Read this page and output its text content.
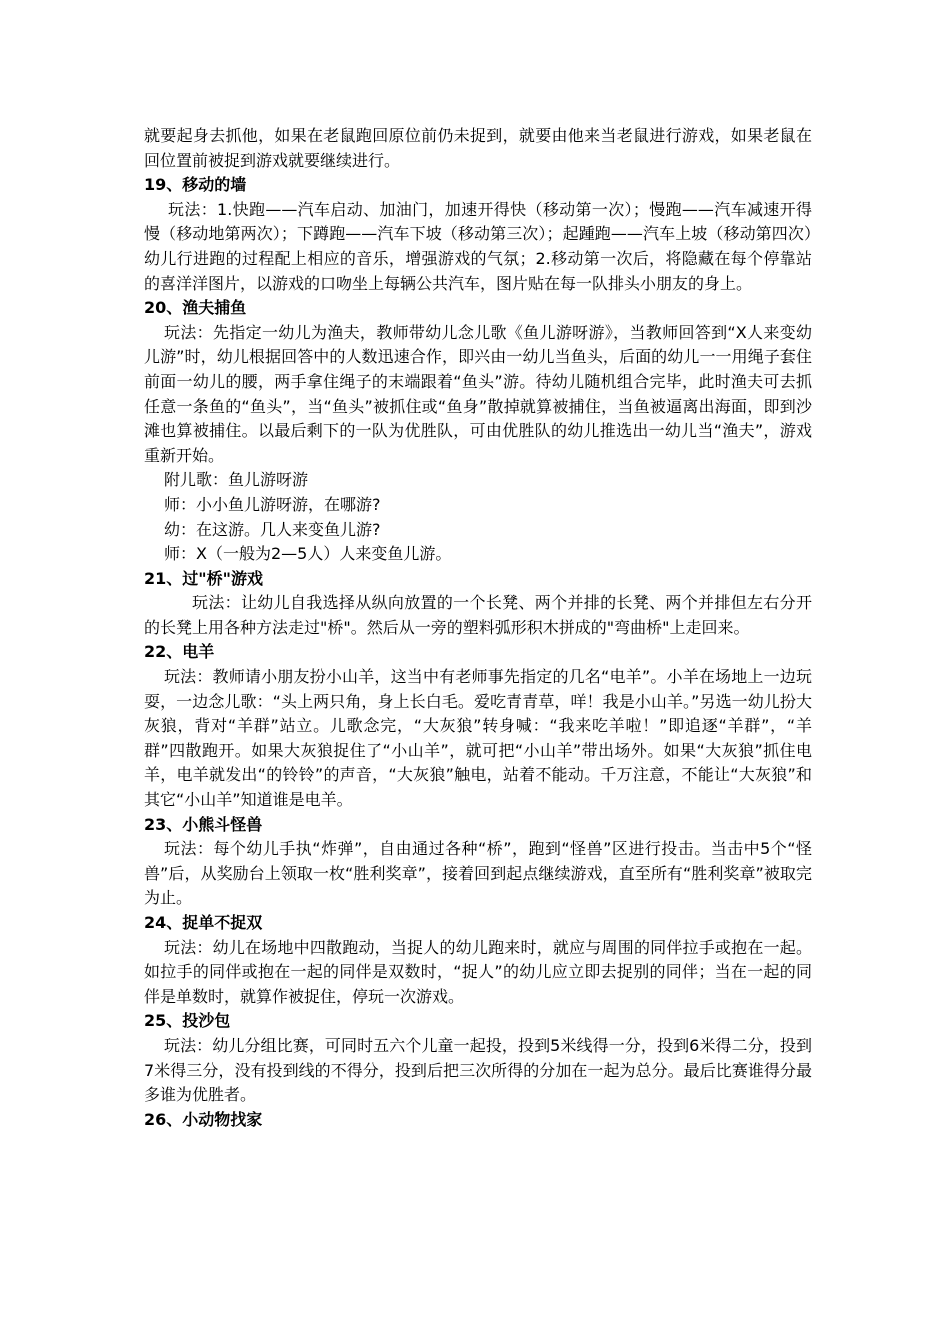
就要起身去抓他，如果在老鼠跑回原位前仍未捉到，就要由他来当老鼠进行游戏，如果老鼠在回位置前被捉到游戏就要继续进行。

19、移动的墙

玩法：1.快跑——汽车启动、加油门，加速开得快（移动第一次）；慢跑——汽车减速开得慢（移动地第两次）；下蹲跑——汽车下坡（移动第三次）；起踵跑——汽车上坡（移动第四次）幼儿行进跑的过程配上相应的音乐，增强游戏的气氛；2.移动第一次后，将隐藏在每个停靠站的喜洋洋图片，以游戏的口吻坐上每辆公共汽车，图片贴在每一队排头小朋友的身上。

20、渔夫捕鱼

玩法：先指定一幼儿为渔夫，教师带幼儿念儿歌《鱼儿游呀游》，当教师回答到“X人来变幼儿游”时，幼儿根据回答中的人数迅速合作，即兴由一幼儿当鱼头，后面的幼儿一一用绳子套住前面一幼儿的腰，两手拿住绳子的末端跟着“鱼头”游。待幼儿随机组合完毕，此时渔夫可去抓任意一条鱼的“鱼头”，当“鱼头”被抓住或“鱼身”散掉就算被捕住，当鱼被逼离出海面，即到沙滩也算被捕住。以最后剩下的一队为优胜队，可由优胜队的幼儿推选出一幼儿当“渔夫”，游戏重新开始。

附儿歌：鱼儿游呀游

师：小小鱼儿游呀游，在哪游?

幼：在这游。几人来变鱼儿游?

师：X（一般为2—5人）人来变鱼儿游。

21、过"桥"游戏

玩法：让幼儿自我选择从纵向放置的一个长凳、两个并排的长凳、两个并排但左右分开的长凳上用各种方法走过"桥"。然后从一旁的塑料弧形积木拼成的"弯曲桥"上走回来。

22、电羊

玩法：教师请小朋友扮小山羊，这当中有老师事先指定的几名“电羊”。小羊在场地上一边玩耍，一边念儿歌：“头上两只角，身上长白毛。爱吃青青草，咩！我是小山羊。”另选一幼儿扮大灰狼，背对“羊群”站立。儿歌念完，“大灰狼”转身喊：“我来吃羊啦！”即追逐“羊群”，“羊群”四散跑开。如果大灰狼捉住了“小山羊”，就可把“小山羊”带出场外。如果“大灰狼”抓住电羊，电羊就发出“的铃铃”的声音，“大灰狼”触电，站着不能动。千万注意，不能让“大灰狼”和其它“小山羊”知道谁是电羊。

23、小熊斗怪兽

玩法：每个幼儿手执“炸弹”，自由通过各种“桥”，跑到“怪兽”区进行投击。当击中5个“怪兽”后，从奖励台上领取一枚“胜利奖章”，接着回到起点继续游戏，直至所有“胜利奖章”被取完为止。

24、捉单不捉双

玩法：幼儿在场地中四散跑动，当捉人的幼儿跑来时，就应与周围的同伴拉手或抱在一起。如拉手的同伴或抱在一起的同伴是双数时，“捉人”的幼儿应立即去捉别的同伴；当在一起的同伴是单数时，就算作被捉住，停玩一次游戏。

25、投沙包

玩法：幼儿分组比赛，可同时五六个儿童一起投，投到5米线得一分，投到6米得二分，投到7米得三分，没有投到线的不得分，投到后把三次所得的分加在一起为总分。最后比赛谁得分最多谁为优胜者。

26、小动物找家
